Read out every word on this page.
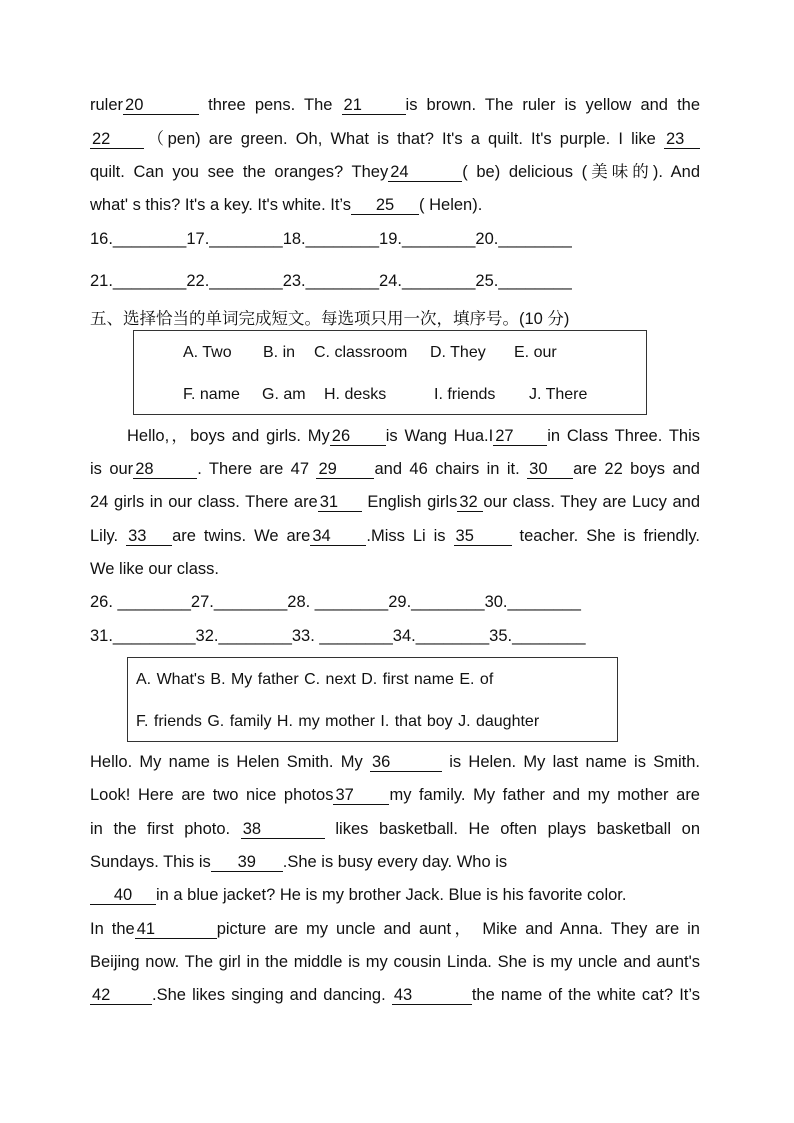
ruler 20	three pens. The 21	is brown. The ruler is yellow and the
22 （pen) are green. Oh, What is that? It's a quilt. It's purple. I like 23
quilt. Can you see the oranges? They 24	( be) delicious (美味的). And
what' s this? It's a key. It's white. It’s 25 ( Helen).
16.________17.________18.________19.________20.________
21.________22.________23.________24.________25.________
五、选择恰当的单词完成短文。每选项只用一次，填序号。(10 分)
A. Two B. in C. classroom D. They E. our
F. name G. am H. desks	I. friends J. There
Hello,，boys and girls. My 26 is Wang Hua.I 27 in Class Three. This
is our 28	. There are 47 29 and 46 chairs in it. 30 are 22 boys and
24 girls in our class. There are 31 English girls 32 our class. They are Lucy and
Lily. 33 are twins. We are 34 .Miss Li is 35	teacher. She is friendly.
We like our class.
26. ________27.________28. ________29.________30.________
31._________32.________33. ________34.________35.________
A. What's B. My father C. next D. first name E. of
F. friends G. family H. my mother I. that boy J. daughter
Hello. My name is Helen Smith. My 36	is Helen. My last name is Smith.
Look! Here are two nice photos 37 my family. My father and my mother are
in the first photo. 38	likes basketball. He often plays basketball on
Sundays. This is 39 .She is busy every day. Who is
40 in a blue jacket? He is my brother Jack. Blue is his favorite color.
In the 41	picture are my uncle and aunt， Mike and Anna. They are in
Beijing now. The girl in the middle is my cousin Linda. She is my uncle and aunt's
42	.She likes singing and dancing. 43	the name of the white cat? It’s
